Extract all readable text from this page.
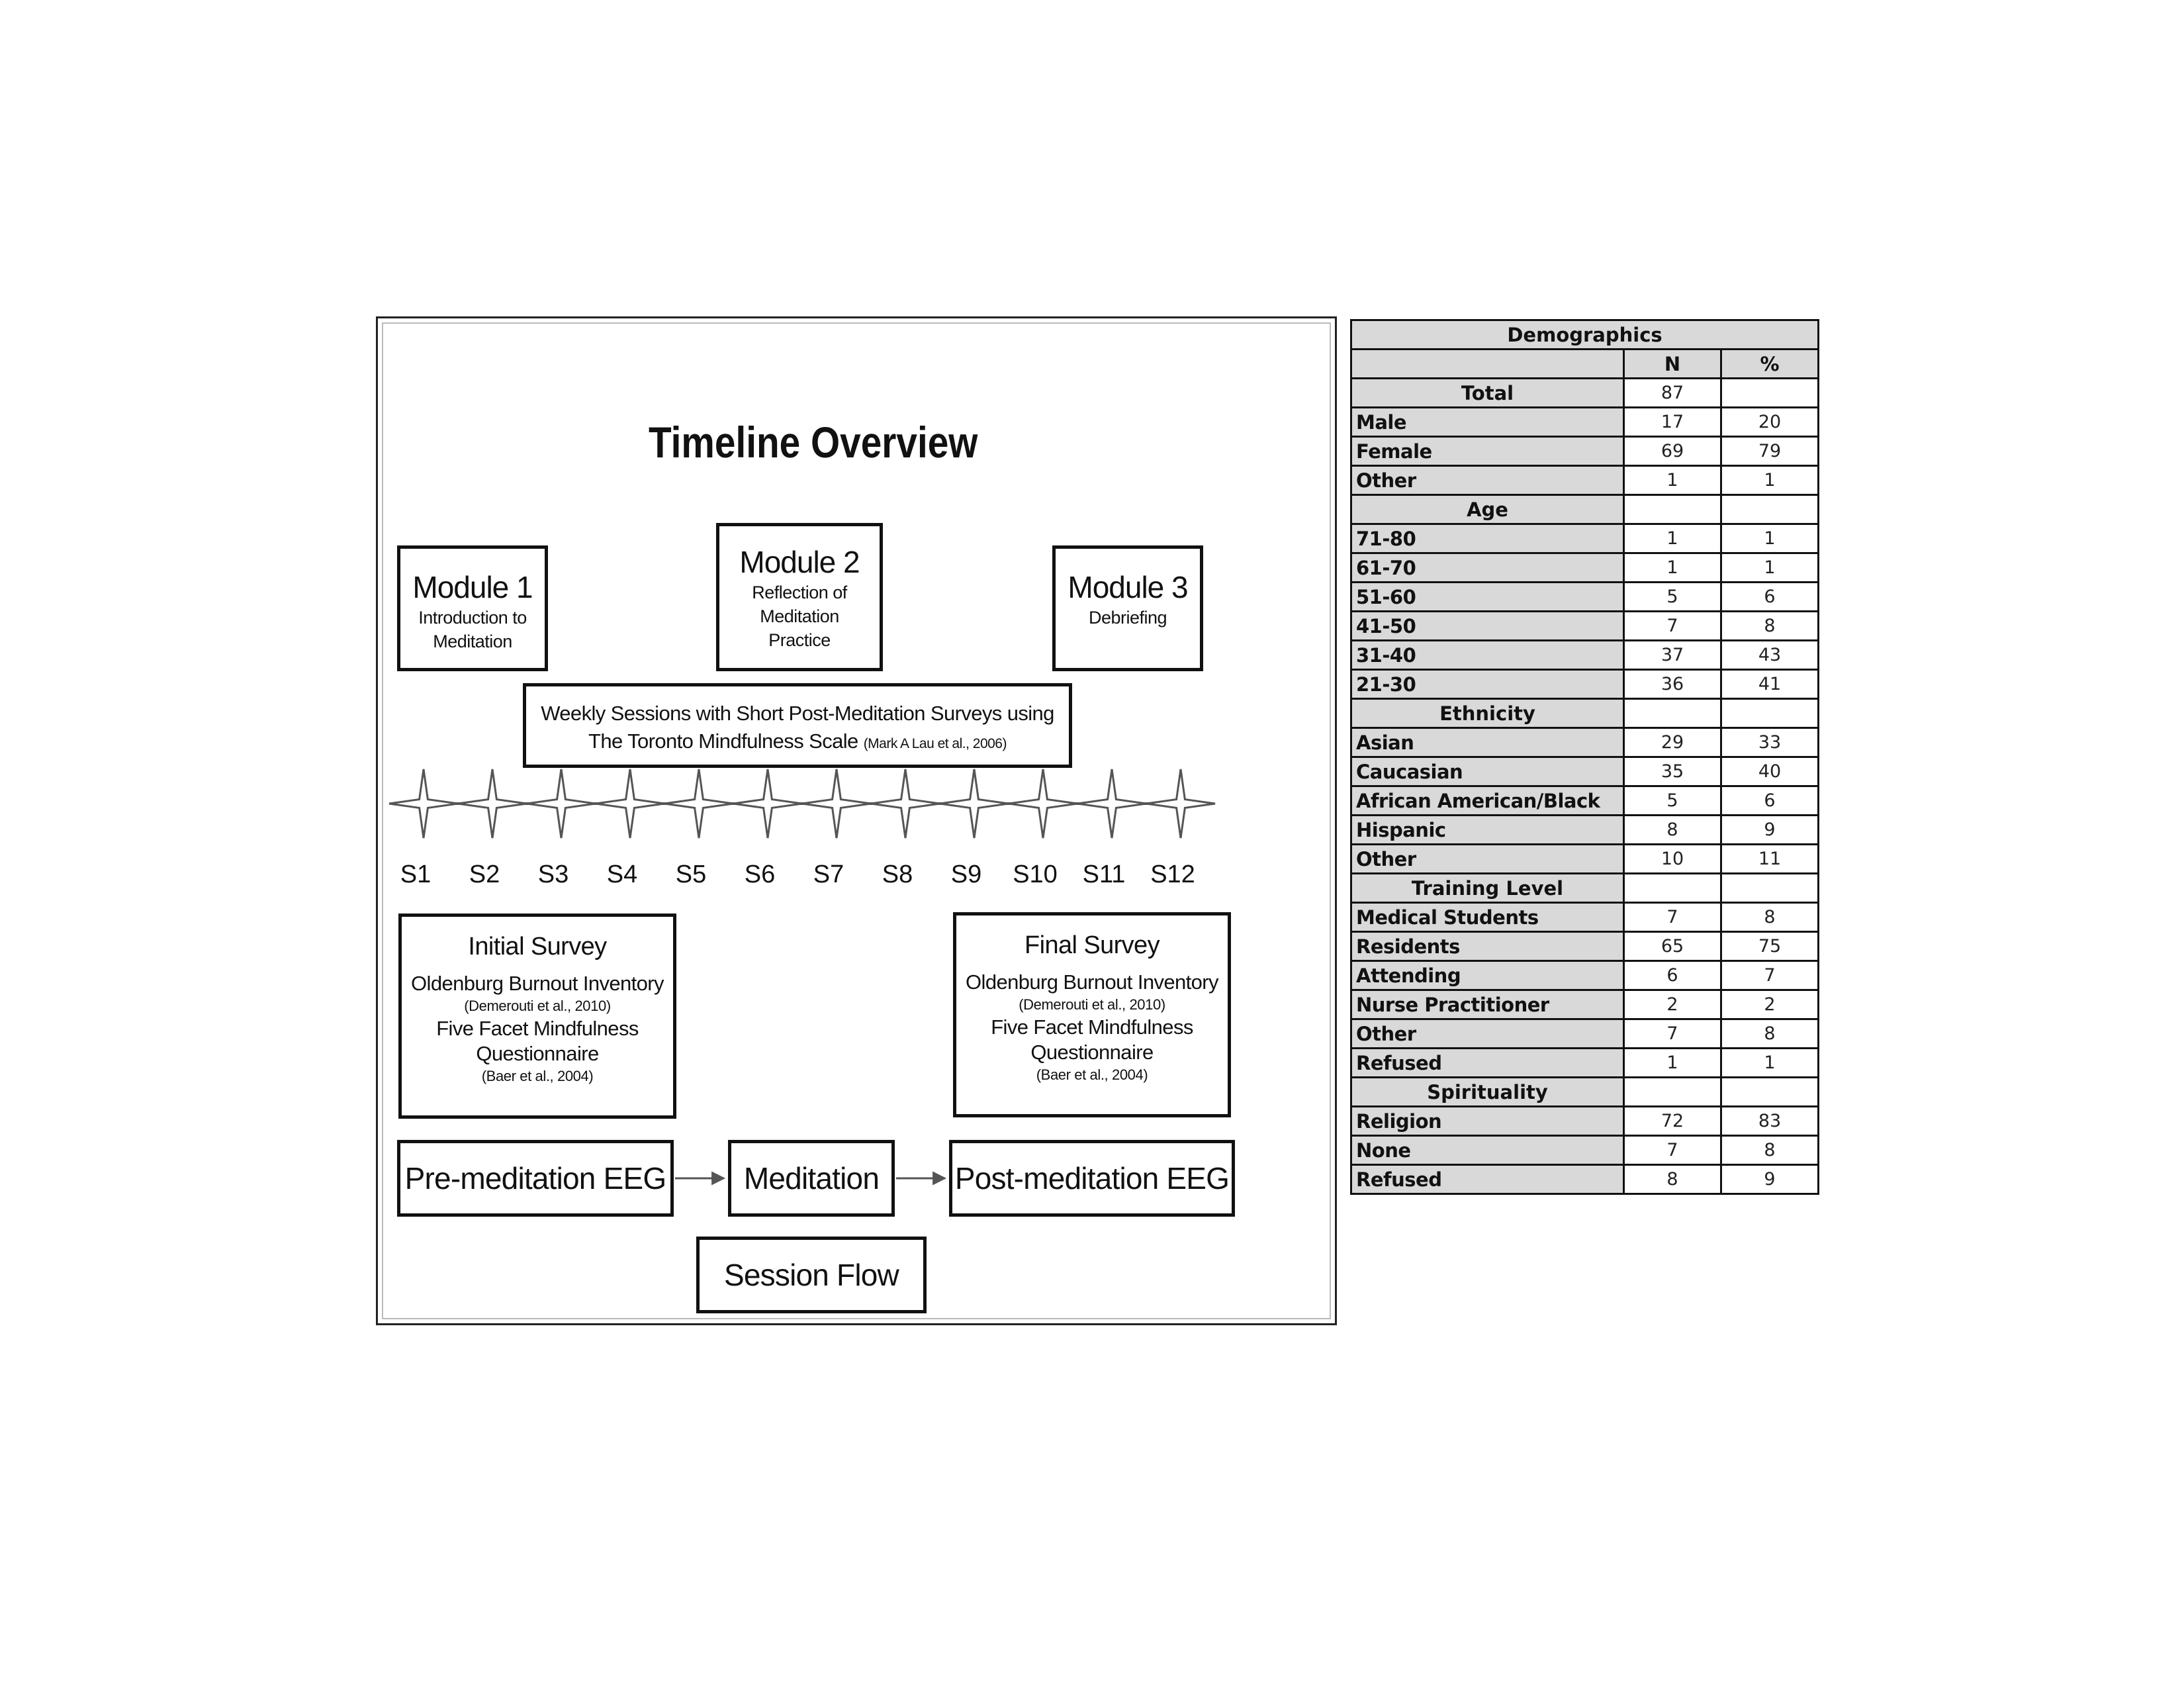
Timeline Overview
Module 1
Introduction to
Meditation
Module 2
Reflection of
Meditation
Practice
Module 3
Debriefing
Weekly Sessions with Short Post-Meditation Surveys using
The Toronto Mindfulness Scale (Mark A Lau et al., 2006)
S1	S2	S3	S4	S5	S6	S7	S8	S9	S10 S11 S12
Initial Survey
Oldenburg Burnout Inventory
(Demerouti et al., 2010)
Five Facet Mindfulness
Questionnaire
(Baer et al., 2004)
Final Survey
Oldenburg Burnout Inventory
(Demerouti et al., 2010)
Five Facet Mindfulness
Questionnaire
(Baer et al., 2004)
Pre-meditation EEG	Meditation	Post-meditation EEG
Session Flow
Demographics		
	N	%
Total	87	
Male	17	20
Female	69	79
Other	1	1
Age		
71-80	1	1
61-70	1	1
51-60	5	6
41-50	7	8
31-40	37	43
21-30	36	41
Ethnicity		
Asian	29	33
Caucasian	35	40
African American/Black	5	6
Hispanic	8	9
Other	10	11
Training Level		
Medical Students	7	8
Residents	65	75
Attending	6	7
Nurse Practitioner	2	2
Other	7	8
Refused	1	1
Spirituality		
Religion	72	83
None	7	8
Refused	8	9
